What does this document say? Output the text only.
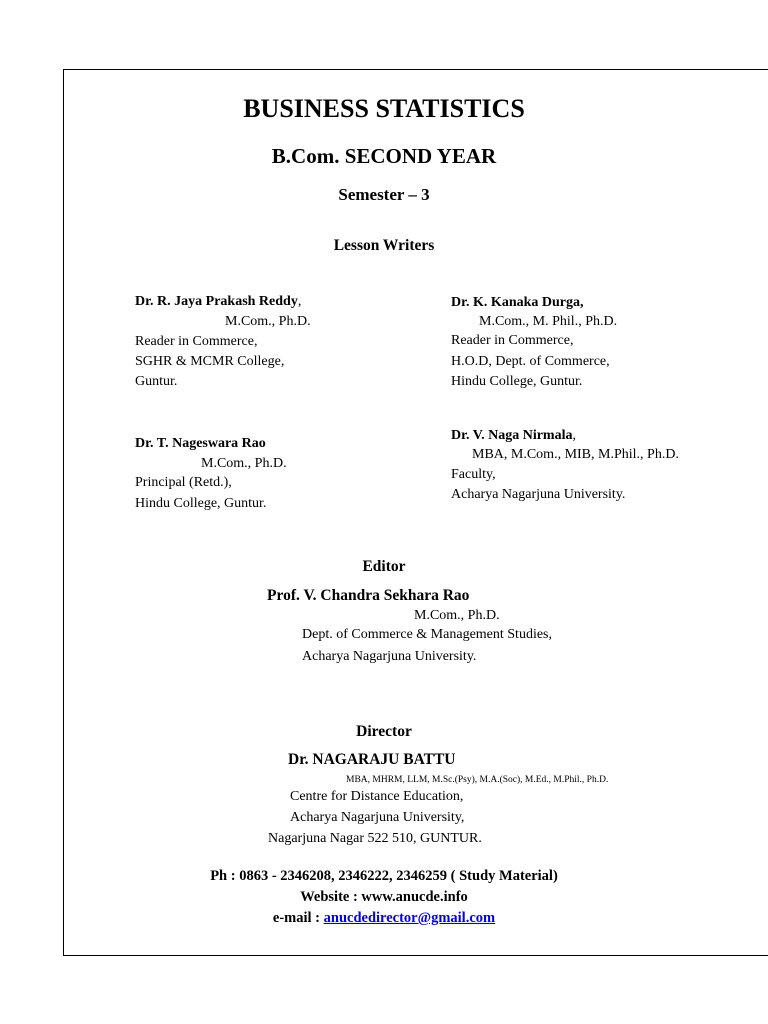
BUSINESS STATISTICS
B.Com. SECOND YEAR
Semester – 3
Lesson Writers
Dr. R. Jaya Prakash Reddy,
M.Com., Ph.D.
Reader in Commerce,
SGHR & MCMR College,
Guntur.
Dr. K. Kanaka Durga,
M.Com., M. Phil., Ph.D.
Reader in Commerce,
H.O.D, Dept. of Commerce,
Hindu College, Guntur.
Dr. T. Nageswara Rao
M.Com., Ph.D.
Principal (Retd.),
Hindu College, Guntur.
Dr. V. Naga Nirmala,
MBA, M.Com., MIB, M.Phil., Ph.D.
Faculty,
Acharya Nagarjuna University.
Editor
Prof. V. Chandra Sekhara Rao
M.Com., Ph.D.
Dept. of Commerce & Management Studies,
Acharya Nagarjuna University.
Director
Dr. NAGARAJU BATTU
MBA, MHRM, LLM, M.Sc.(Psy), M.A.(Soc), M.Ed., M.Phil., Ph.D.
Centre for Distance Education,
Acharya Nagarjuna University,
Nagarjuna Nagar 522 510, GUNTUR.
Ph : 0863 - 2346208, 2346222, 2346259 ( Study Material)
Website : www.anucde.info
e-mail : anucdedirector@gmail.com
